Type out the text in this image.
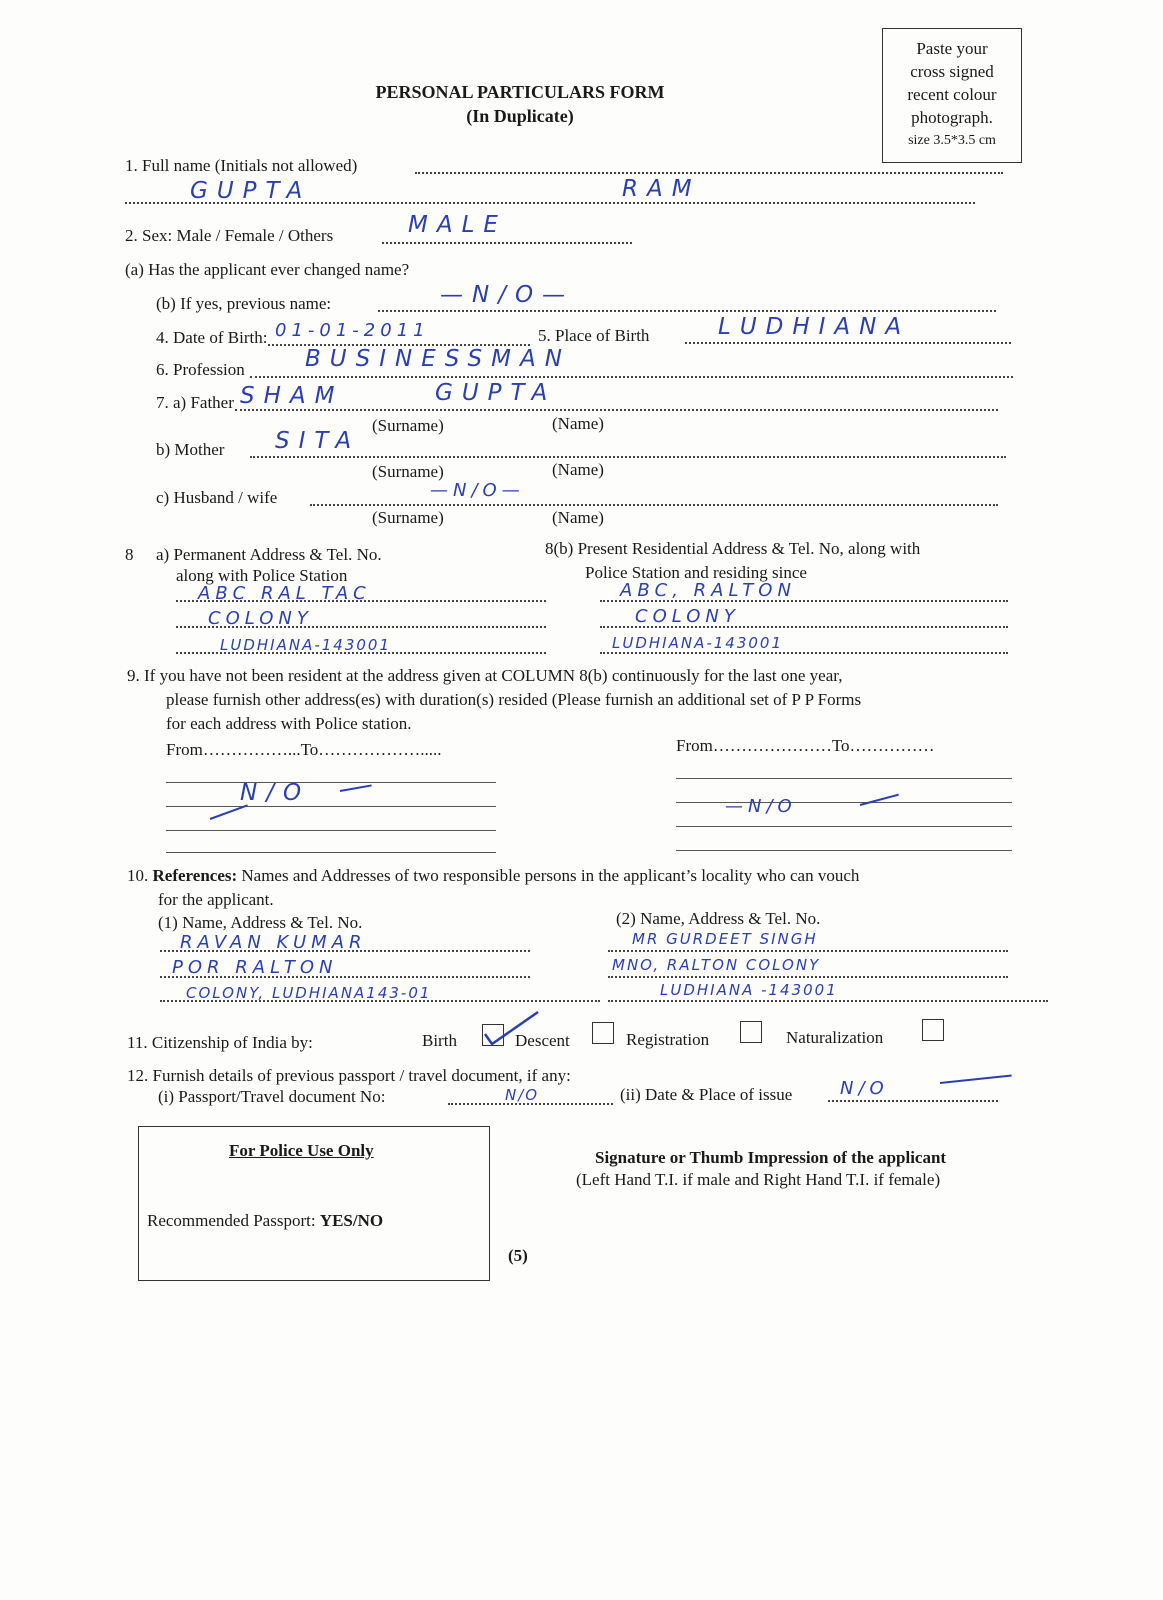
PERSONAL PARTICULARS FORM
(In Duplicate)
Paste your
cross signed
recent colour
photograph.
size 3.5*3.5 cm
1. Full name (Initials not allowed)
GUPTA	RAM
2. Sex: Male / Female / Others	MALE
(a) Has the applicant ever changed name?
(b) If yes, previous name:	—N/O—
4. Date of Birth: 01-01-2011	5. Place of Birth	LUDHIANA
6. Profession	BUSINESSMAN
7. a) Father SHAM	GUPTA
(Surname)	(Name)
b) Mother SITA
(Surname)	(Name)
c) Husband / wife	—N/O—
(Surname)	(Name)
8 a) Permanent Address & Tel. No.
along with Police Station
ABC RAL TAC
COLONY
LUDHIANA-143001
8(b) Present Residential Address & Tel. No, along with
Police Station and residing since
ABC, RALTON
COLONY
LUDHIANA-143001
9. If you have not been resident at the address given at COLUMN 8(b) continuously for the last one year,
please furnish other address(es) with duration(s) resided (Please furnish an additional set of P P Forms
for each address with Police station.
From……………...To……………….....	From…………………To……………
N/O
—N/O
10. References: Names and Addresses of two responsible persons in the applicant’s locality who can vouch
for the applicant.
(1) Name, Address & Tel. No.
RAVAN KUMAR
POR RALTON
COLONY, LUDHIANA143-01
(2) Name, Address & Tel. No.
MR GURDEET SINGH
MNO, RALTON COLONY
LUDHIANA -143001
11. Citizenship of India by:	Birth	Descent	Registration	Naturalization
12. Furnish details of previous passport / travel document, if any:
(i) Passport/Travel document No:	N/O	(ii) Date & Place of issue	N/O
For Police Use Only
Recommended Passport: YES/NO
Signature or Thumb Impression of the applicant
(Left Hand T.I. if male and Right Hand T.I. if female)
(5)
